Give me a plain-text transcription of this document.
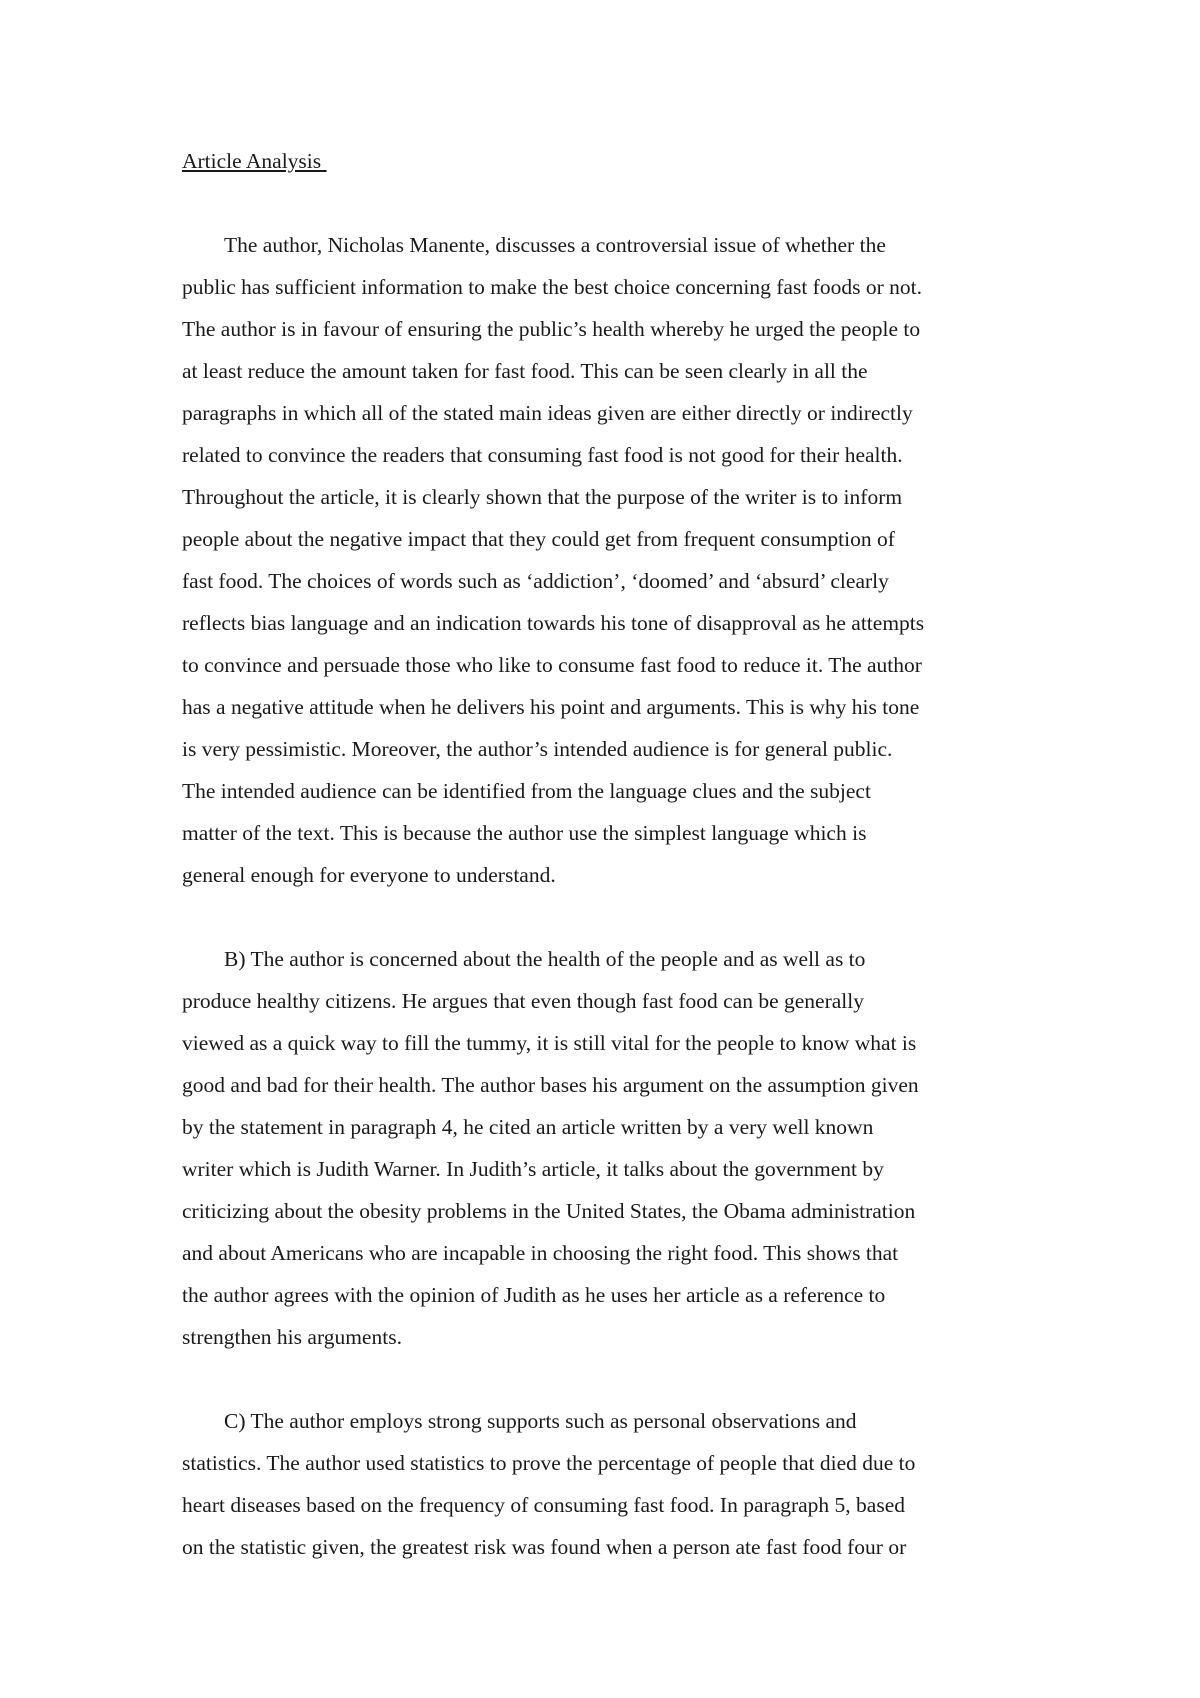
Article Analysis

The author, Nicholas Manente, discusses a controversial issue of whether the
public has sufficient information to make the best choice concerning fast foods or not.
The author is in favour of ensuring the public’s health whereby he urged the people to
at least reduce the amount taken for fast food. This can be seen clearly in all the
paragraphs in which all of the stated main ideas given are either directly or indirectly
related to convince the readers that consuming fast food is not good for their health.
Throughout the article, it is clearly shown that the purpose of the writer is to inform
people about the negative impact that they could get from frequent consumption of
fast food. The choices of words such as ‘addiction’, ‘doomed’ and ‘absurd’ clearly
reflects bias language and an indication towards his tone of disapproval as he attempts
to convince and persuade those who like to consume fast food to reduce it. The author
has a negative attitude when he delivers his point and arguments. This is why his tone
is very pessimistic. Moreover, the author’s intended audience is for general public.
The intended audience can be identified from the language clues and the subject
matter of the text. This is because the author use the simplest language which is
general enough for everyone to understand.
B) The author is concerned about the health of the people and as well as to
produce healthy citizens. He argues that even though fast food can be generally
viewed as a quick way to fill the tummy, it is still vital for the people to know what is
good and bad for their health. The author bases his argument on the assumption given
by the statement in paragraph 4, he cited an article written by a very well known
writer which is Judith Warner. In Judith’s article, it talks about the government by
criticizing about the obesity problems in the United States, the Obama administration
and about Americans who are incapable in choosing the right food. This shows that
the author agrees with the opinion of Judith as he uses her article as a reference to
strengthen his arguments.
C) The author employs strong supports such as personal observations and
statistics. The author used statistics to prove the percentage of people that died due to
heart diseases based on the frequency of consuming fast food. In paragraph 5, based
on the statistic given, the greatest risk was found when a person ate fast food four or
